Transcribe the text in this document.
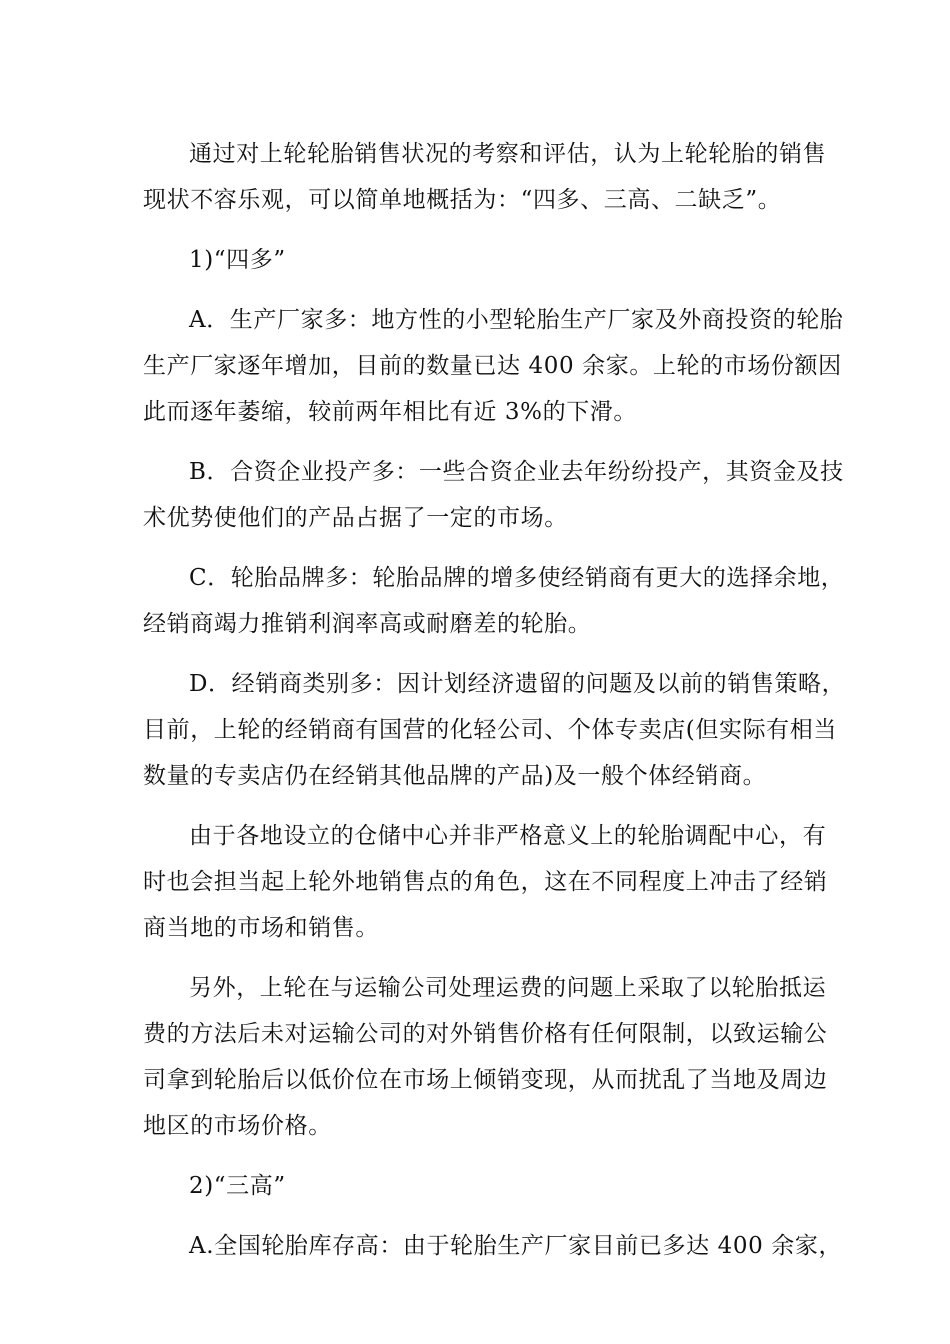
通过对上轮轮胎销售状况的考察和评估，认为上轮轮胎的销售
现状不容乐观，可以简单地概括为：“四多、三高、二缺乏”。
1)“四多”
A．生产厂家多：地方性的小型轮胎生产厂家及外商投资的轮胎
生产厂家逐年增加，目前的数量已达 400 余家。上轮的市场份额因
此而逐年萎缩，较前两年相比有近 3%的下滑。
B．合资企业投产多：一些合资企业去年纷纷投产，其资金及技
术优势使他们的产品占据了一定的市场。
C．轮胎品牌多：轮胎品牌的增多使经销商有更大的选择余地，
经销商竭力推销利润率高或耐磨差的轮胎。
D．经销商类别多：因计划经济遗留的问题及以前的销售策略，
目前，上轮的经销商有国营的化轻公司、个体专卖店(但实际有相当
数量的专卖店仍在经销其他品牌的产品)及一般个体经销商。
由于各地设立的仓储中心并非严格意义上的轮胎调配中心，有
时也会担当起上轮外地销售点的角色，这在不同程度上冲击了经销
商当地的市场和销售。
另外，上轮在与运输公司处理运费的问题上采取了以轮胎抵运
费的方法后未对运输公司的对外销售价格有任何限制，以致运输公
司拿到轮胎后以低价位在市场上倾销变现，从而扰乱了当地及周边
地区的市场价格。
2)“三高”
A.全国轮胎库存高：由于轮胎生产厂家目前已多达 400 余家，
